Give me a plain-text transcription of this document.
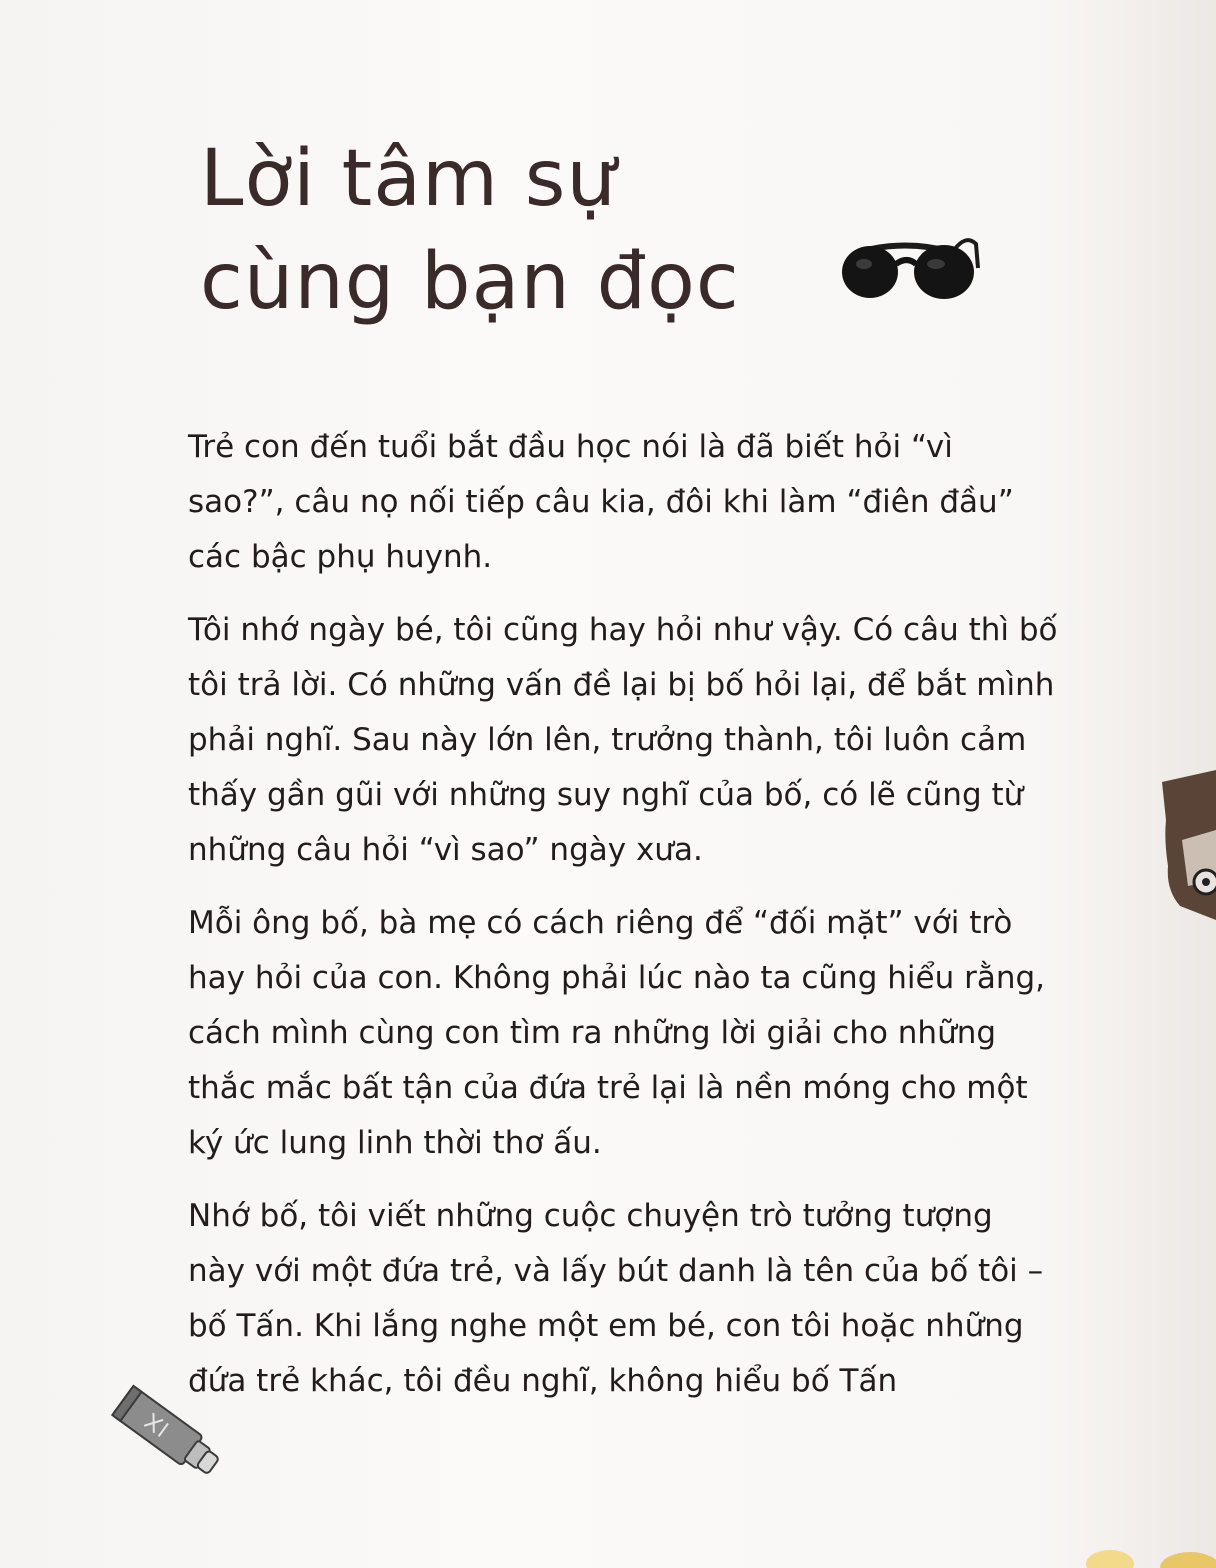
Lời tâm sự
cùng bạn đọc

Trẻ con đến tuổi bắt đầu học nói là đã biết hỏi “vì sao?”, câu nọ nối tiếp câu kia, đôi khi làm “điên đầu” các bậc phụ huynh.

Tôi nhớ ngày bé, tôi cũng hay hỏi như vậy. Có câu thì bố tôi trả lời. Có những vấn đề lại bị bố hỏi lại, để bắt mình phải nghĩ. Sau này lớn lên, trưởng thành, tôi luôn cảm thấy gần gũi với những suy nghĩ của bố, có lẽ cũng từ những câu hỏi “vì sao” ngày xưa.

Mỗi ông bố, bà mẹ có cách riêng để “đối mặt” với trò hay hỏi của con. Không phải lúc nào ta cũng hiểu rằng, cách mình cùng con tìm ra những lời giải cho những thắc mắc bất tận của đứa trẻ lại là nền móng cho một ký ức lung linh thời thơ ấu.

Nhớ bố, tôi viết những cuộc chuyện trò tưởng tượng này với một đứa trẻ, và lấy bút danh là tên của bố tôi – bố Tấn. Khi lắng nghe một em bé, con tôi hoặc những đứa trẻ khác, tôi đều nghĩ, không hiểu bố Tấn
